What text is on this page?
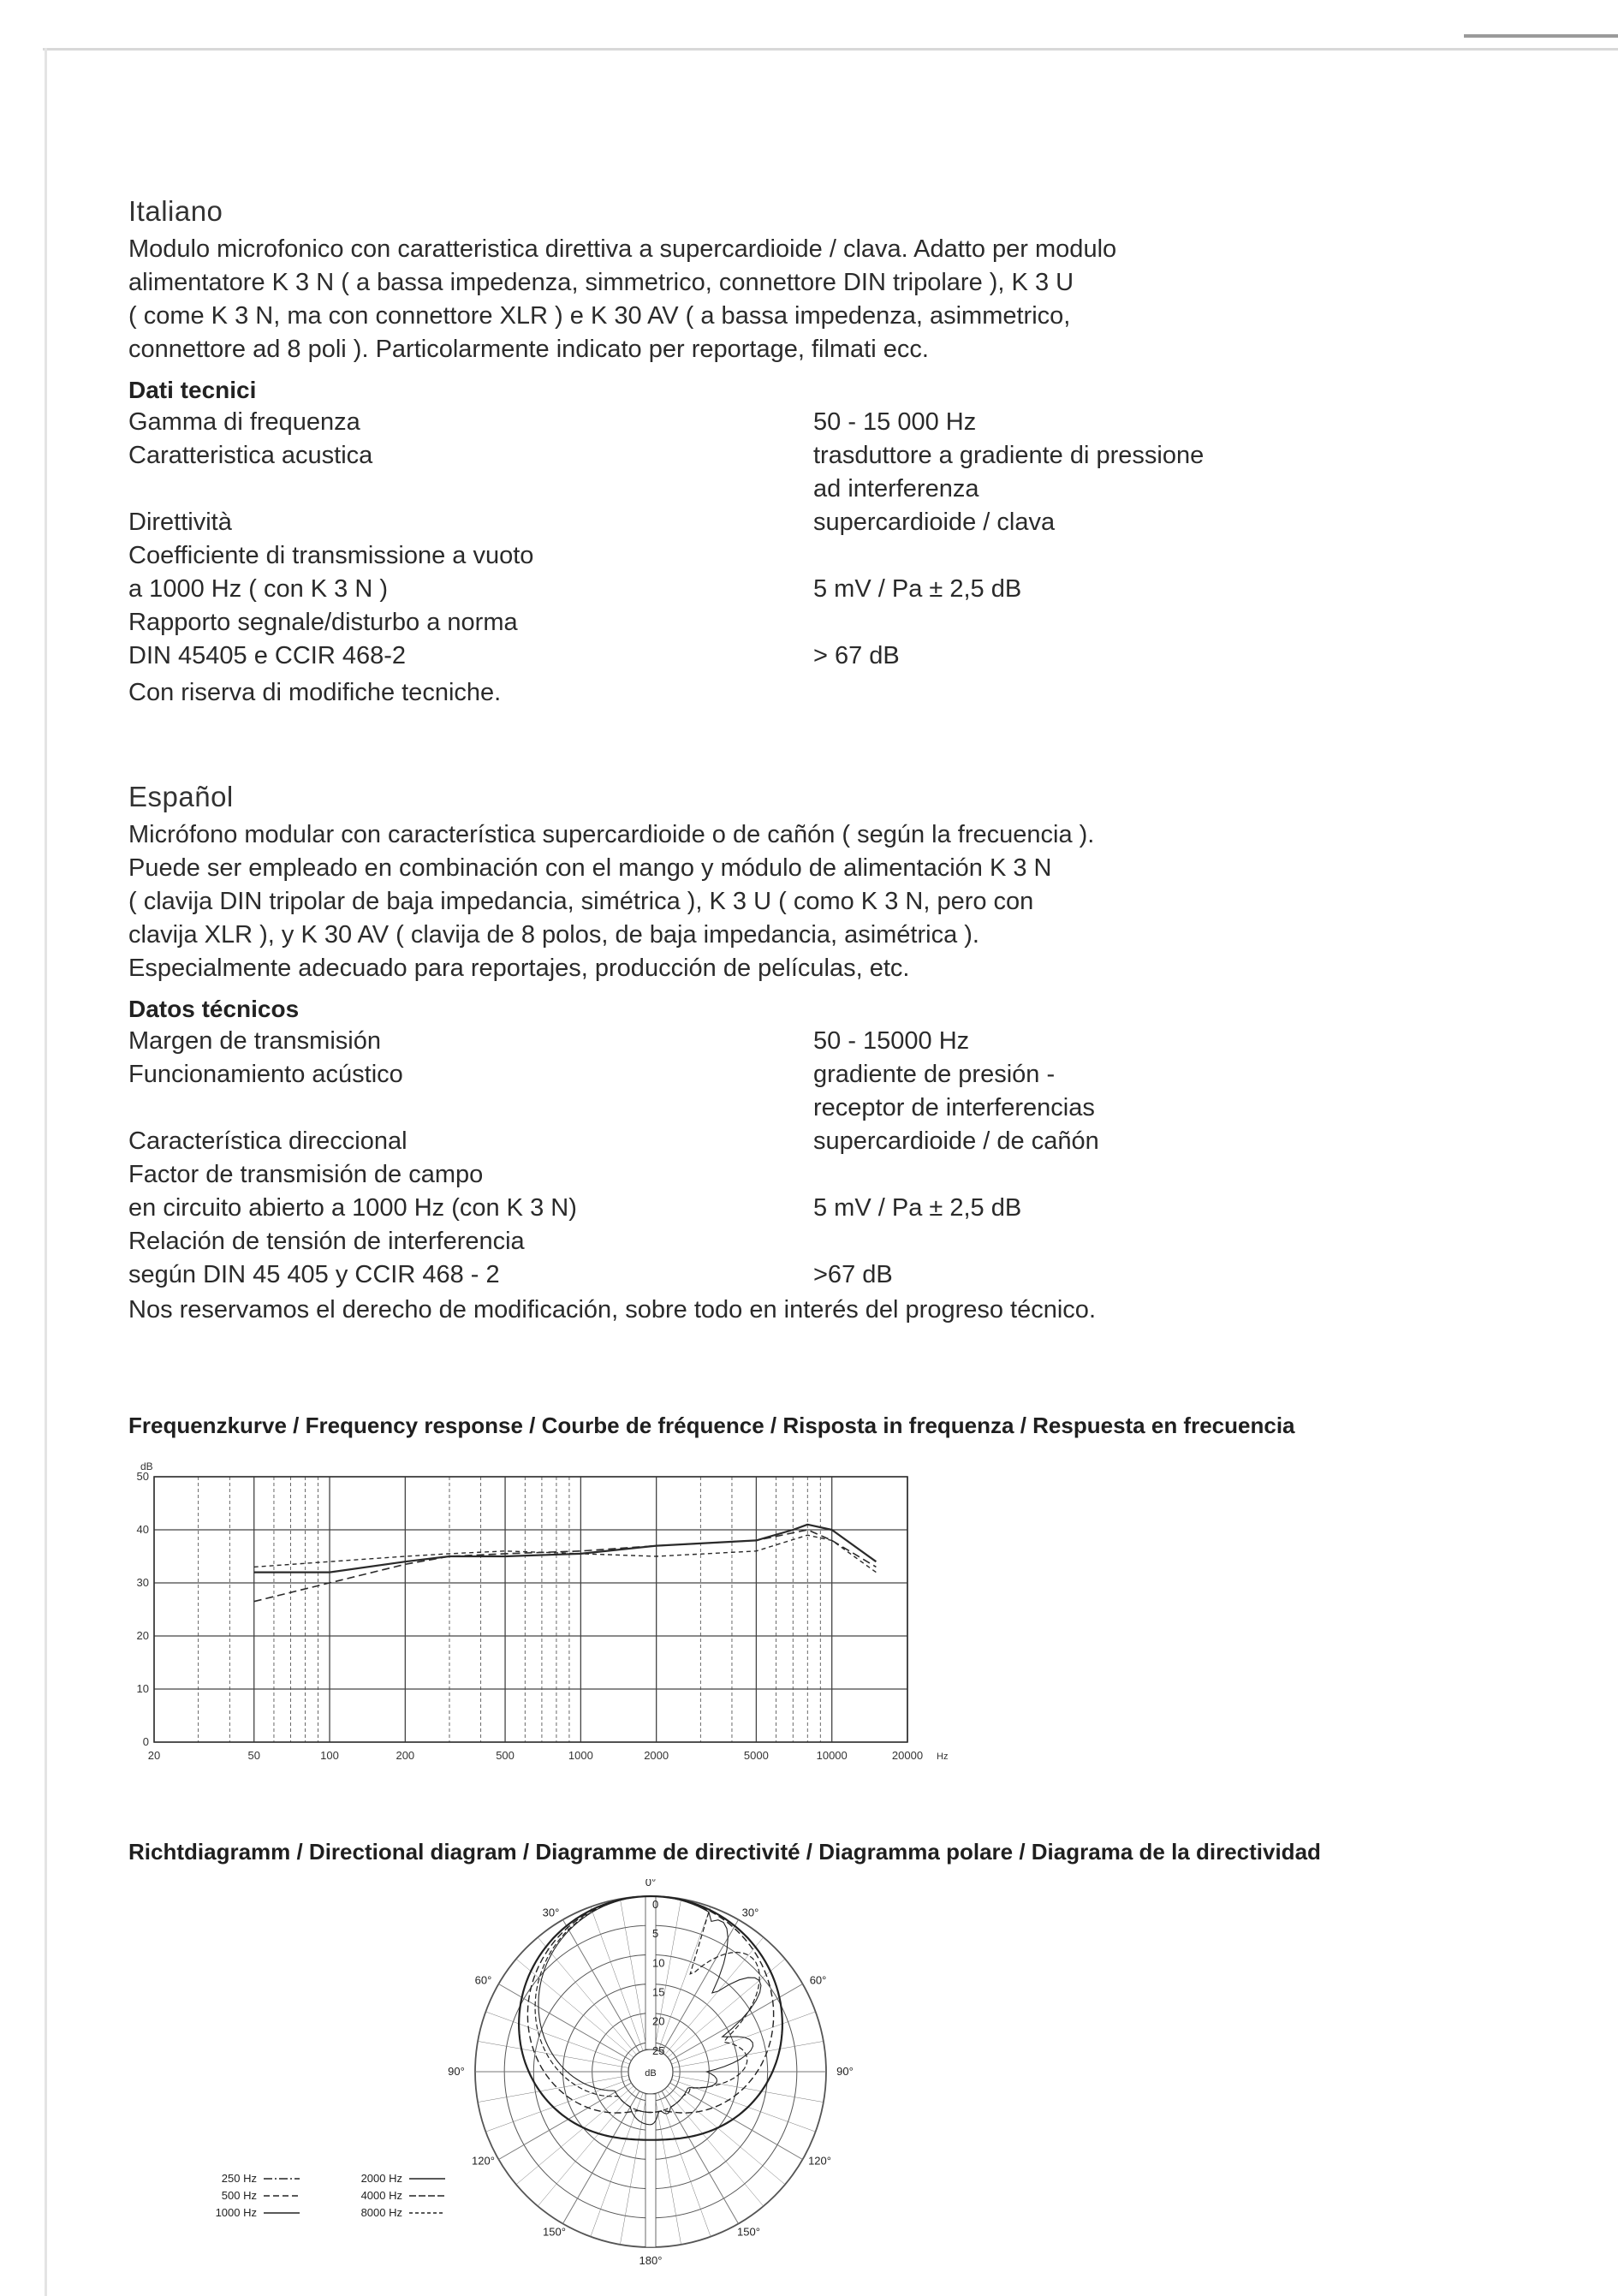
Italiano
Modulo microfonico con caratteristica direttiva a supercardioide / clava. Adatto per modulo
alimentatore K 3 N ( a bassa impedenza, simmetrico, connettore DIN tripolare ), K 3 U
( come K 3 N, ma con connettore XLR ) e K 30 AV ( a bassa impedenza, asimmetrico,
connettore ad 8 poli ). Particolarmente indicato per reportage, filmati ecc.
Dati tecnici
Gamma di frequenza	50 - 15 000 Hz
Caratteristica acustica	trasduttore a gradiente di pressione
ad interferenza
Direttività	supercardioide / clava
Coefficiente di transmissione a vuoto
a 1000 Hz ( con K 3 N )	5 mV / Pa ± 2,5 dB
Rapporto segnale/disturbo a norma
DIN 45405 e CCIR 468-2	> 67 dB
Con riserva di modifiche tecniche.
Español
Micrófono modular con característica supercardioide o de cañón ( según la frecuencia ).
Puede ser empleado en combinación con el mango y módulo de alimentación K 3 N
( clavija DIN tripolar de baja impedancia, simétrica ), K 3 U ( como K 3 N, pero con
clavija XLR ), y K 30 AV ( clavija de 8 polos, de baja impedancia, asimétrica ).
Especialmente adecuado para reportajes, producción de películas, etc.
Datos técnicos
Margen de transmisión	50 - 15000 Hz
Funcionamiento acústico	gradiente de presión -
receptor de interferencias
Característica direccional	supercardioide / de cañón
Factor de transmisión de campo
en circuito abierto a 1000 Hz (con K 3 N)	5 mV / Pa ± 2,5 dB
Relación de tensión de interferencia
según DIN 45 405 y CCIR 468 - 2	>67 dB
Nos reservamos el derecho de modificación, sobre todo en interés del progreso técnico.
Frequenzkurve / Frequency response / Courbe de fréquence / Risposta in frequenza / Respuesta en frecuencia
0
10
20
30
40
50
dB
20	50	100	200	500	1000	2000	5000	10000	20000 Hz
Richtdiagramm / Directional diagram / Diagramme de directivité / Diagramma polare / Diagrama de la directividad
0
5
10
15
20
25
dB
0°
30°	30°
60°	60°
90°	90°
120°	120°
150°	150°
180°
250 Hz
500 Hz
1000 Hz
2000 Hz
4000 Hz
8000 Hz
